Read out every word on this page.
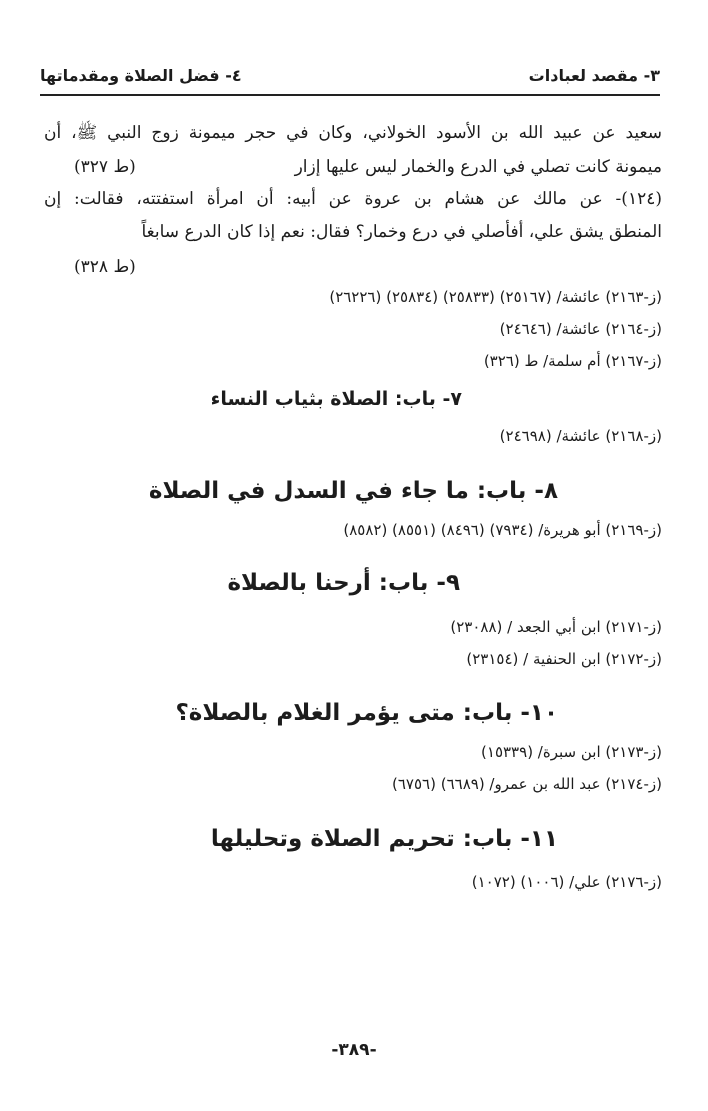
٣- مقصد لعبادات
٤- فضل الصلاة ومقدماتها
سعيد عن عبيد الله بن الأسود الخولاني، وكان في حجر ميمونة زوج النبي ﷺ، أن
ميمونة كانت تصلي في الدرع والخمار ليس عليها إزار
(ط ٣٢٧)
(١٢٤)- عن مالك عن هشام بن عروة عن أبيه: أن امرأة استفتته، فقالت: إن
المنطق يشق علي، أفأصلي في درع وخمار؟ فقال: نعم إذا كان الدرع سابغاً
(ط ٣٢٨)
(ز-٢١٦٣) عائشة/ (٢٥١٦٧) (٢٥٨٣٣) (٢٥٨٣٤) (٢٦٢٢٦)
(ز-٢١٦٤) عائشة/ (٢٤٦٤٦)
(ز-٢١٦٧) أم سلمة/ ط (٣٢٦)
٧- باب: الصلاة بثياب النساء
(ز-٢١٦٨) عائشة/ (٢٤٦٩٨)
٨- باب: ما جاء في السدل في الصلاة
(ز-٢١٦٩) أبو هريرة/ (٧٩٣٤) (٨٤٩٦) (٨٥٥١) (٨٥٨٢)
٩- باب: أرحنا بالصلاة
(ز-٢١٧١) ابن أبي الجعد / (٢٣٠٨٨)
(ز-٢١٧٢) ابن الحنفية / (٢٣١٥٤)
١٠- باب: متى يؤمر الغلام بالصلاة؟
(ز-٢١٧٣) ابن سبرة/ (١٥٣٣٩)
(ز-٢١٧٤) عبد الله بن عمرو/ (٦٦٨٩) (٦٧٥٦)
١١- باب: تحريم الصلاة وتحليلها
(ز-٢١٧٦) علي/ (١٠٠٦) (١٠٧٢)
-٣٨٩-
